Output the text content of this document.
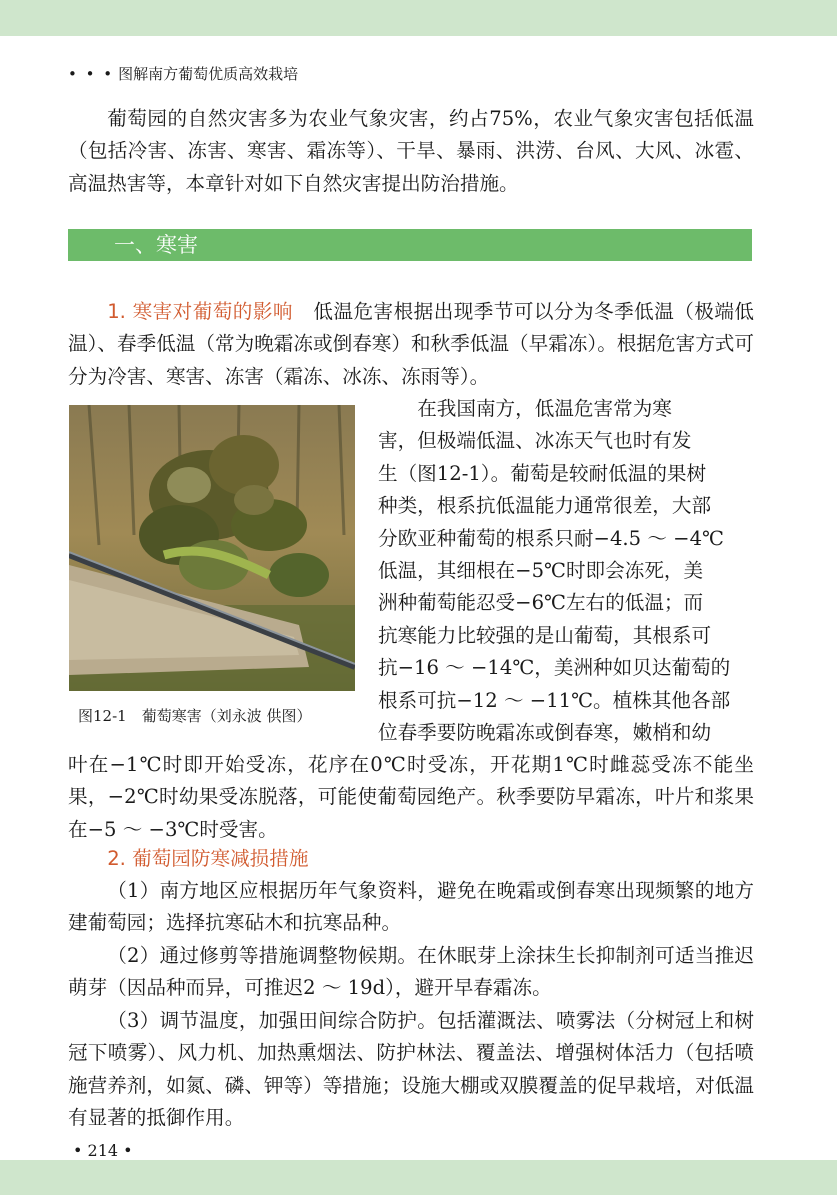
• • • 图解南方葡萄优质高效栽培

葡萄园的自然灾害多为农业气象灾害，约占75%，农业气象灾害包括低温（包括冷害、冻害、寒害、霜冻等）、干旱、暴雨、洪涝、台风、大风、冰雹、高温热害等，本章针对如下自然灾害提出防治措施。

一、寒害

1. 寒害对葡萄的影响 低温危害根据出现季节可以分为冬季低温（极端低温）、春季低温（常为晚霜冻或倒春寒）和秋季低温（早霜冻）。根据危害方式可分为冷害、寒害、冻害（霜冻、冰冻、冻雨等）。

图12-1　葡萄寒害（刘永波 供图）

在我国南方，低温危害常为寒

害，但极端低温、冰冻天气也时有发

生（图12-1）。葡萄是较耐低温的果树

种类，根系抗低温能力通常很差，大部

分欧亚种葡萄的根系只耐−4.5 ～ −4℃

低温，其细根在−5℃时即会冻死，美

洲种葡萄能忍受−6℃左右的低温；而

抗寒能力比较强的是山葡萄，其根系可

抗−16 ～ −14℃，美洲种如贝达葡萄的

根系可抗−12 ～ −11℃。植株其他各部

位春季要防晚霜冻或倒春寒，嫩梢和幼

叶在−1℃时即开始受冻，花序在0℃时受冻，开花期1℃时雌蕊受冻不能坐果，−2℃时幼果受冻脱落，可能使葡萄园绝产。秋季要防早霜冻，叶片和浆果在−5 ～ −3℃时受害。

2. 葡萄园防寒减损措施

（1）南方地区应根据历年气象资料，避免在晚霜或倒春寒出现频繁的地方建葡萄园；选择抗寒砧木和抗寒品种。

（2）通过修剪等措施调整物候期。在休眠芽上涂抹生长抑制剂可适当推迟萌芽（因品种而异，可推迟2 ～ 19d），避开早春霜冻。

（3）调节温度，加强田间综合防护。包括灌溉法、喷雾法（分树冠上和树冠下喷雾）、风力机、加热熏烟法、防护林法、覆盖法、增强树体活力（包括喷施营养剂，如氮、磷、钾等）等措施；设施大棚或双膜覆盖的促早栽培，对低温有显著的抵御作用。

• 214 •
